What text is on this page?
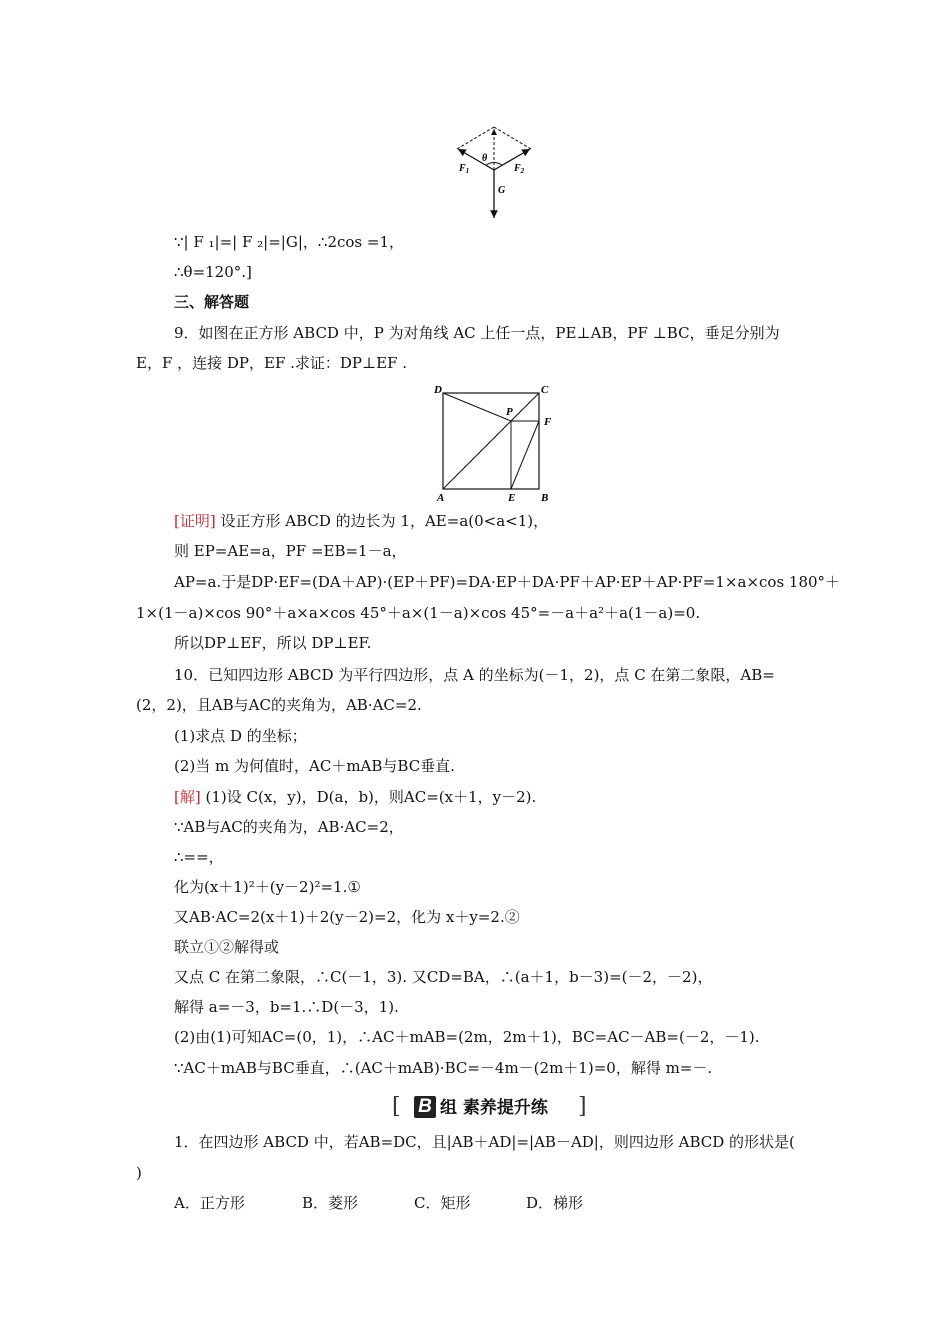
θ
$F_1$	$F_2$
G
∵| F ₁|=| F ₂|=|G|，∴2cos =1，
∴θ=120°.]
三、解答题
9．如图在正方形 ABCD 中，P 为对角线 AC 上任一点，PE⊥AB，PF ⊥BC，垂足分别为
E，F ，连接 DP，EF .求证：DP⊥EF .
A	B
C
D
E
F
P
[证明] 设正方形 ABCD 的边长为 1，AE=a(0<a<1)，
则 EP=AE=a，PF =EB=1－a，
AP=a.于是DP·EF=(DA＋AP)·(EP＋PF)=DA·EP＋DA·PF＋AP·EP＋AP·PF=1×a×cos 180°＋
1×(1－a)×cos 90°＋a×a×cos 45°＋a×(1－a)×cos 45°=－a＋a²＋a(1－a)=0.
所以DP⊥EF，所以 DP⊥EF.
10．已知四边形 ABCD 为平行四边形，点 A 的坐标为(－1，2)，点 C 在第二象限，AB=
(2，2)，且AB与AC的夹角为，AB·AC=2.
(1)求点 D 的坐标；
(2)当 m 为何值时，AC＋mAB与BC垂直.
[解] (1)设 C(x，y)，D(a，b)，则AC=(x＋1，y－2).
∵AB与AC的夹角为，AB·AC=2，
∴==，
化为(x＋1)²＋(y－2)²=1.①
又AB·AC=2(x＋1)＋2(y－2)=2，化为 x＋y=2.②
联立①②解得或
又点 C 在第二象限，∴C(－1，3). 又CD=BA，∴(a＋1，b－3)=(－2，－2)，
解得 a=－3，b=1.∴D(－3，1).
(2)由(1)可知AC=(0，1)，∴AC＋mAB=(2m，2m＋1)，BC=AC－AB=(－2，－1).
∵AC＋mAB与BC垂直，∴(AC＋mAB)·BC=－4m－(2m＋1)=0，解得 m=－.
[ B 组 素养提升练 ]
1．在四边形 ABCD 中，若AB=DC，且|AB＋AD|=|AB－AD|，则四边形 ABCD 的形状是(
)
A．正方形	B．菱形	C．矩形	D．梯形
